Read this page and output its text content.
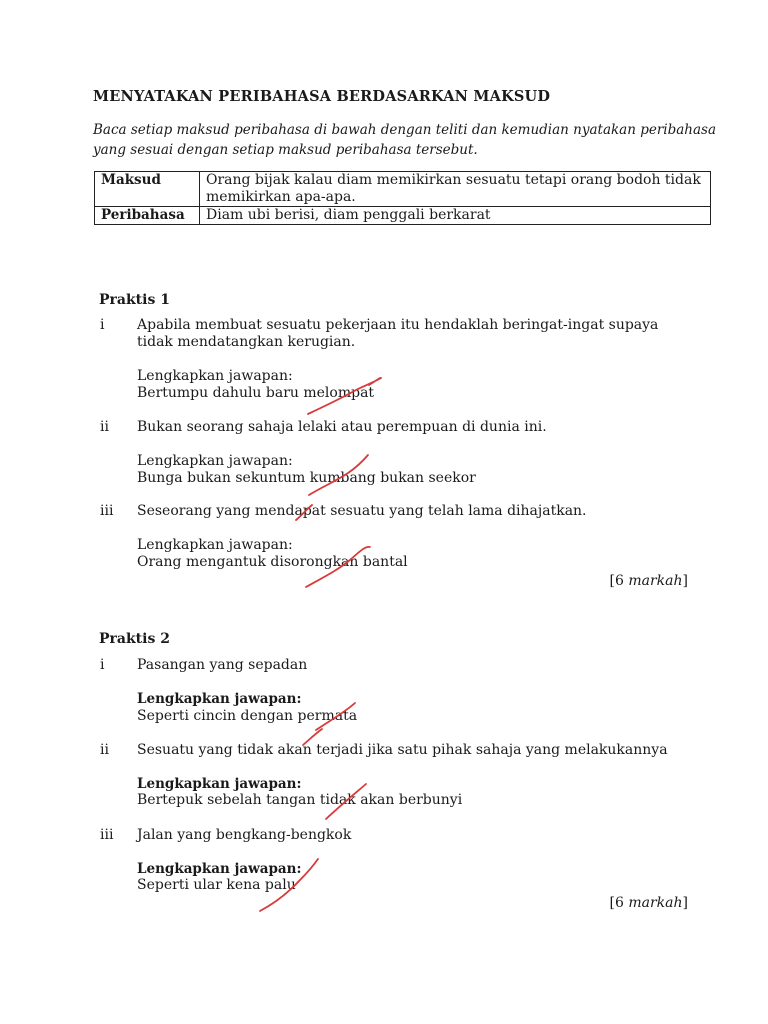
MENYATAKAN PERIBAHASA BERDASARKAN MAKSUD
Baca setiap maksud peribahasa di bawah dengan teliti dan kemudian nyatakan peribahasa
yang sesuai dengan setiap maksud peribahasa tersebut.
Maksud	Orang bijak kalau diam memikirkan sesuatu tetapi orang bodoh tidak
memikirkan apa-apa.

Peribahasa	Diam ubi berisi, diam penggali berkarat
Praktis 1
i Apabila membuat sesuatu pekerjaan itu hendaklah beringat-ingat supaya
tidak mendatangkan kerugian.
Lengkapkan jawapan:
Bertumpu dahulu baru melompat
ii Bukan seorang sahaja lelaki atau perempuan di dunia ini.
Lengkapkan jawapan:
Bunga bukan sekuntum kumbang bukan seekor
iii Seseorang yang mendapat sesuatu yang telah lama dihajatkan.
Lengkapkan jawapan:
Orang mengantuk disorongkan bantal
[6 markah]
Praktis 2
i Pasangan yang sepadan
Lengkapkan jawapan:
Seperti cincin dengan permata
ii Sesuatu yang tidak akan terjadi jika satu pihak sahaja yang melakukannya
Lengkapkan jawapan:
Bertepuk sebelah tangan tidak akan berbunyi
iii Jalan yang bengkang-bengkok
Lengkapkan jawapan:
Seperti ular kena palu
[6 markah]
